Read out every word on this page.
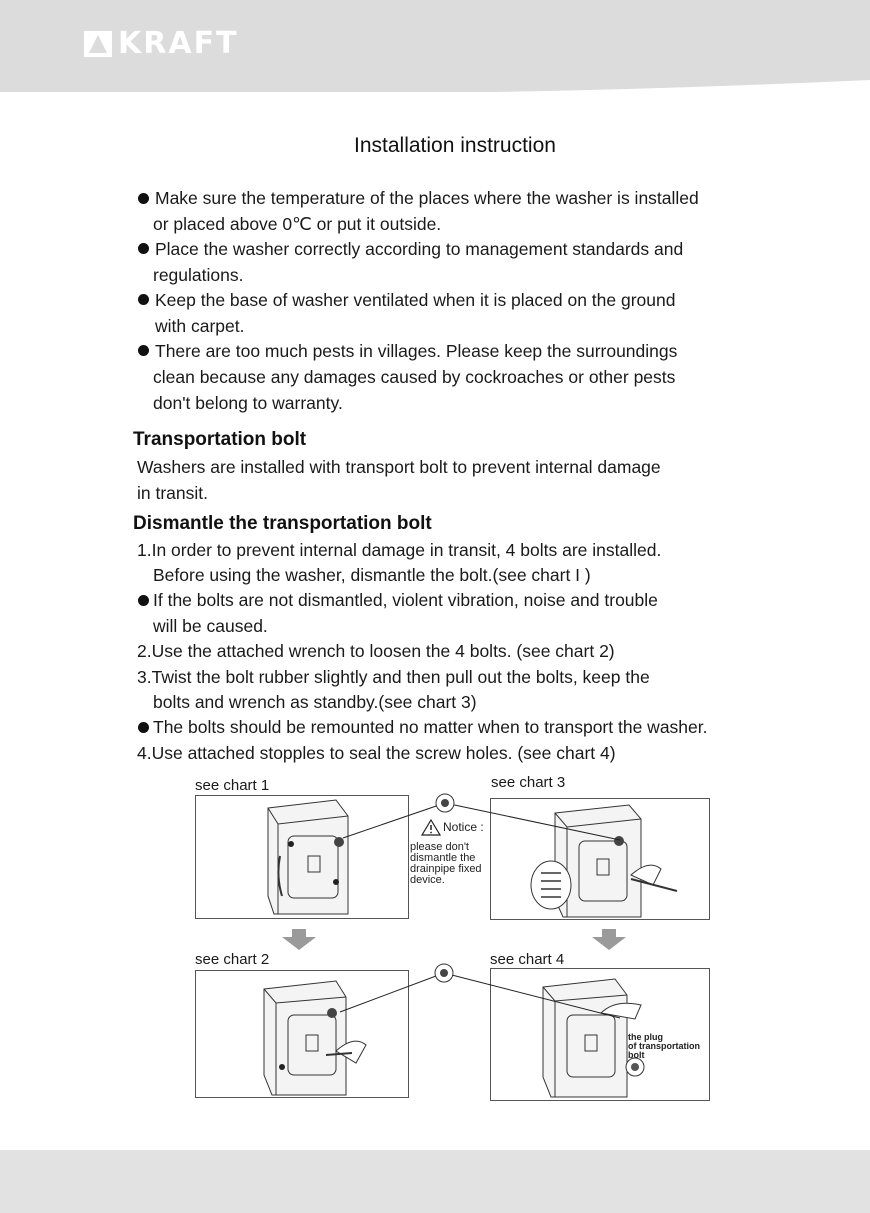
KRAFT
Installation instruction
Make sure the temperature of the places where the washer is installed
or placed above 0℃ or put it outside.
Place the washer correctly according to management standards and
regulations.
Keep the base of washer ventilated when it is placed on the ground
with carpet.
There are too much pests in villages. Please keep the surroundings
clean because any damages caused by cockroaches or other pests
don't belong to warranty.
Transportation bolt
Washers are installed with transport bolt to prevent internal damage
in transit.
Dismantle the transportation bolt
1.In order to prevent internal damage in transit, 4 bolts are installed.
Before using the washer, dismantle the bolt.(see chart I )
If the bolts are not dismantled, violent vibration, noise and trouble
will be caused.
2.Use the attached wrench to loosen the 4 bolts. (see chart 2)
3.Twist the bolt rubber slightly and then pull out the bolts, keep the
bolts and wrench as standby.(see chart 3)
The bolts should be remounted no matter when to transport the washer.
4.Use attached stopples to seal the screw holes. (see chart 4)
see chart 1	see chart 3
see chart 2	see chart 4
the plug
of transportation
bolt
Notice :
please don't
dismantle the
drainpipe fixed
device.
